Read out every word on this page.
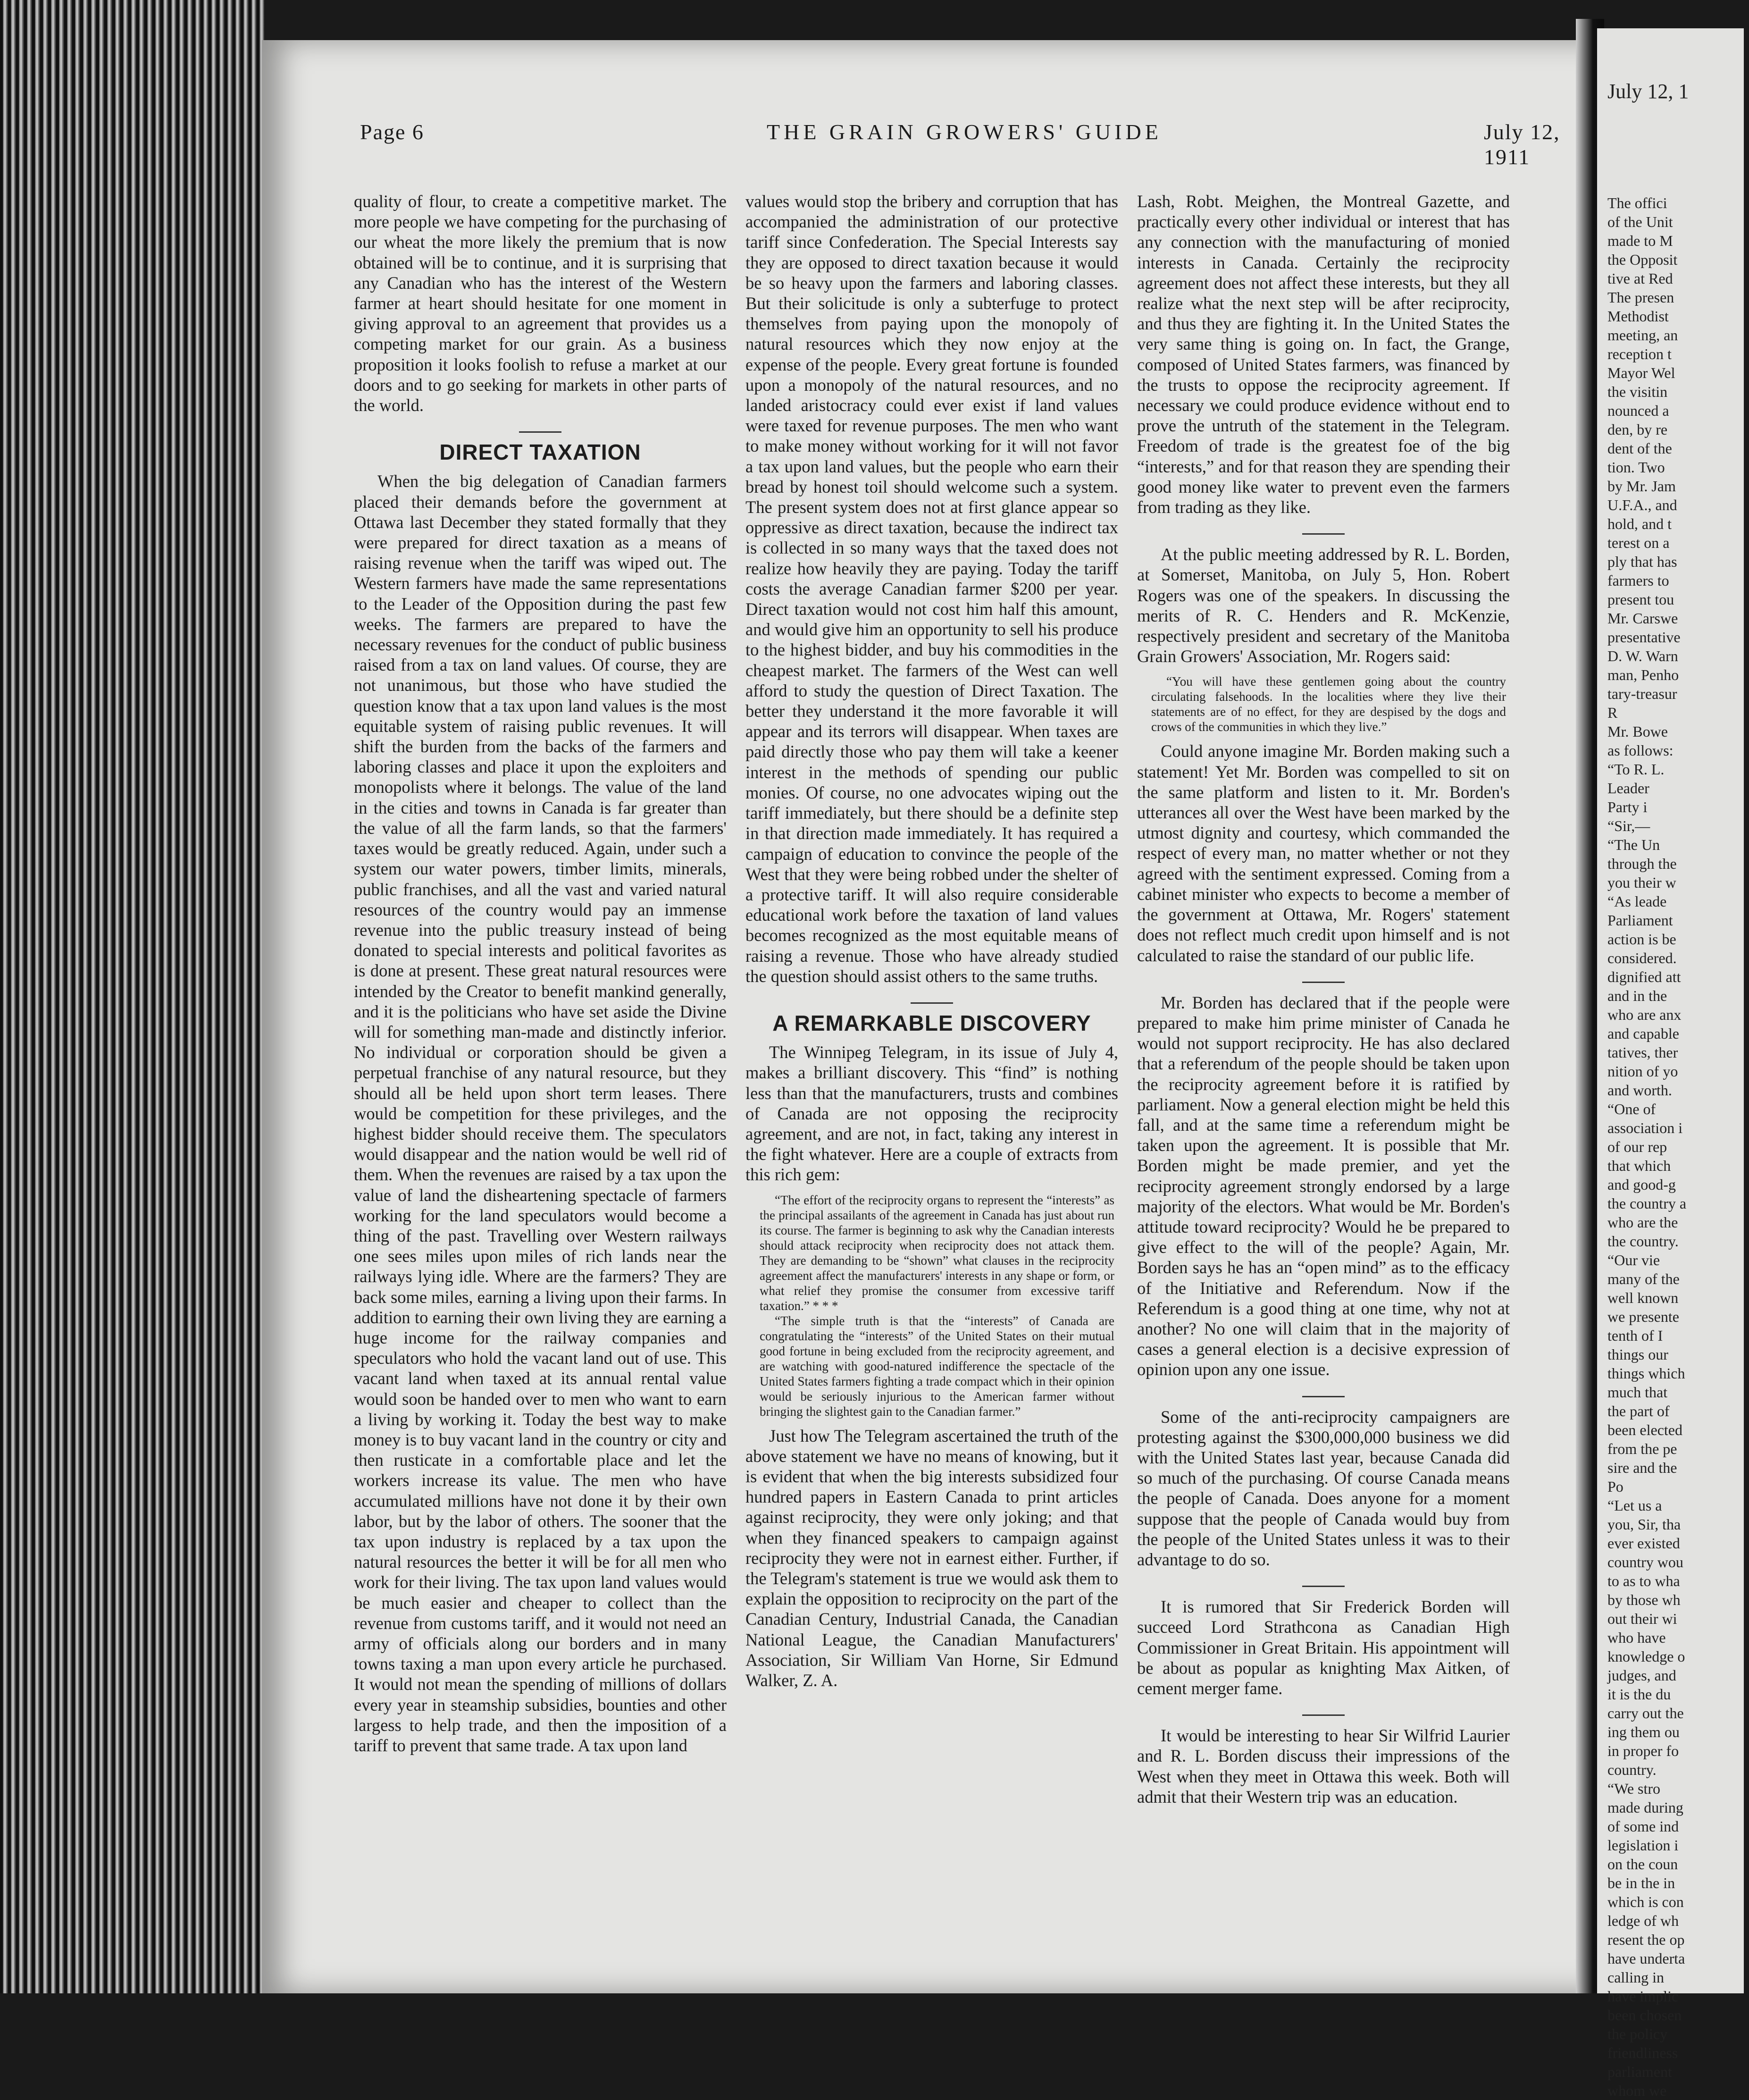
Page 6	THE GRAIN GROWERS' GUIDE	July 12, 1911

quality of flour, to create a competitive market. The more people we have competing for the purchasing of our wheat the more likely the premium that is now obtained will be to continue, and it is surprising that any Canadian who has the interest of the Western farmer at heart should hesitate for one moment in giving approval to an agreement that provides us a competing market for our grain. As a business proposition it looks foolish to refuse a market at our doors and to go seeking for markets in other parts of the world.

DIRECT TAXATION

When the big delegation of Canadian farmers placed their demands before the government at Ottawa last December they stated formally that they were prepared for direct taxation as a means of raising revenue when the tariff was wiped out. The Western farmers have made the same representations to the Leader of the Opposition during the past few weeks. The farmers are prepared to have the necessary revenues for the conduct of public business raised from a tax on land values. Of course, they are not unanimous, but those who have studied the question know that a tax upon land values is the most equitable system of raising public revenues. It will shift the burden from the backs of the farmers and laboring classes and place it upon the exploiters and monopolists where it belongs. The value of the land in the cities and towns in Canada is far greater than the value of all the farm lands, so that the farmers' taxes would be greatly reduced. Again, under such a system our water powers, timber limits, minerals, public franchises, and all the vast and varied natural resources of the country would pay an immense revenue into the public treasury instead of being donated to special interests and political favorites as is done at present. These great natural resources were intended by the Creator to benefit mankind generally, and it is the politicians who have set aside the Divine will for something man-made and distinctly inferior. No individual or corporation should be given a perpetual franchise of any natural resource, but they should all be held upon short term leases. There would be competition for these privileges, and the highest bidder should receive them. The speculators would disappear and the nation would be well rid of them. When the revenues are raised by a tax upon the value of land the disheartening spectacle of farmers working for the land speculators would become a thing of the past. Travelling over Western railways one sees miles upon miles of rich lands near the railways lying idle. Where are the farmers? They are back some miles, earning a living upon their farms. In addition to earning their own living they are earning a huge income for the railway companies and speculators who hold the vacant land out of use. This vacant land when taxed at its annual rental value would soon be handed over to men who want to earn a living by working it. Today the best way to make money is to buy vacant land in the country or city and then rusticate in a comfortable place and let the workers increase its value. The men who have accumulated millions have not done it by their own labor, but by the labor of others. The sooner that the tax upon industry is replaced by a tax upon the natural resources the better it will be for all men who work for their living. The tax upon land values would be much easier and cheaper to collect than the revenue from customs tariff, and it would not need an army of officials along our borders and in many towns taxing a man upon every article he purchased. It would not mean the spending of millions of dollars every year in steamship subsidies, bounties and other largess to help trade, and then the imposition of a tariff to prevent that same trade. A tax upon land

values would stop the bribery and corruption that has accompanied the administration of our protective tariff since Confederation. The Special Interests say they are opposed to direct taxation because it would be so heavy upon the farmers and laboring classes. But their solicitude is only a subterfuge to protect themselves from paying upon the monopoly of natural resources which they now enjoy at the expense of the people. Every great fortune is founded upon a monopoly of the natural resources, and no landed aristocracy could ever exist if land values were taxed for revenue purposes. The men who want to make money without working for it will not favor a tax upon land values, but the people who earn their bread by honest toil should welcome such a system. The present system does not at first glance appear so oppressive as direct taxation, because the indirect tax is collected in so many ways that the taxed does not realize how heavily they are paying. Today the tariff costs the average Canadian farmer $200 per year. Direct taxation would not cost him half this amount, and would give him an opportunity to sell his produce to the highest bidder, and buy his commodities in the cheapest market. The farmers of the West can well afford to study the question of Direct Taxation. The better they understand it the more favorable it will appear and its terrors will disappear. When taxes are paid directly those who pay them will take a keener interest in the methods of spending our public monies. Of course, no one advocates wiping out the tariff immediately, but there should be a definite step in that direction made immediately. It has required a campaign of education to convince the people of the West that they were being robbed under the shelter of a protective tariff. It will also require considerable educational work before the taxation of land values becomes recognized as the most equitable means of raising a revenue. Those who have already studied the question should assist others to the same truths.

A REMARKABLE DISCOVERY

The Winnipeg Telegram, in its issue of July 4, makes a brilliant discovery. This “find” is nothing less than that the manufacturers, trusts and combines of Canada are not opposing the reciprocity agreement, and are not, in fact, taking any interest in the fight whatever. Here are a couple of extracts from this rich gem:

“The effort of the reciprocity organs to represent the “interests” as the principal assailants of the agreement in Canada has just about run its course. The farmer is beginning to ask why the Canadian interests should attack reciprocity when reciprocity does not attack them. They are demanding to be “shown” what clauses in the reciprocity agreement affect the manufacturers' interests in any shape or form, or what relief they promise the consumer from excessive tariff taxation.” * * *

“The simple truth is that the “interests” of Canada are congratulating the “interests” of the United States on their mutual good fortune in being excluded from the reciprocity agreement, and are watching with good-natured indifference the spectacle of the United States farmers fighting a trade compact which in their opinion would be seriously injurious to the American farmer without bringing the slightest gain to the Canadian farmer.”

Just how The Telegram ascertained the truth of the above statement we have no means of knowing, but it is evident that when the big interests subsidized four hundred papers in Eastern Canada to print articles against reciprocity, they were only joking; and that when they financed speakers to campaign against reciprocity they were not in earnest either. Further, if the Telegram's statement is true we would ask them to explain the opposition to reciprocity on the part of the Canadian Century, Industrial Canada, the Canadian National League, the Canadian Manufacturers' Association, Sir William Van Horne, Sir Edmund Walker, Z. A.

Lash, Robt. Meighen, the Montreal Gazette, and practically every other individual or interest that has any connection with the manufacturing of monied interests in Canada. Certainly the reciprocity agreement does not affect these interests, but they all realize what the next step will be after reciprocity, and thus they are fighting it. In the United States the very same thing is going on. In fact, the Grange, composed of United States farmers, was financed by the trusts to oppose the reciprocity agreement. If necessary we could produce evidence without end to prove the untruth of the statement in the Telegram. Freedom of trade is the greatest foe of the big “interests,” and for that reason they are spending their good money like water to prevent even the farmers from trading as they like.

At the public meeting addressed by R. L. Borden, at Somerset, Manitoba, on July 5, Hon. Robert Rogers was one of the speakers. In discussing the merits of R. C. Henders and R. McKenzie, respectively president and secretary of the Manitoba Grain Growers' Association, Mr. Rogers said:

“You will have these gentlemen going about the country circulating falsehoods. In the localities where they live their statements are of no effect, for they are despised by the dogs and crows of the communities in which they live.”

Could anyone imagine Mr. Borden making such a statement! Yet Mr. Borden was compelled to sit on the same platform and listen to it. Mr. Borden's utterances all over the West have been marked by the utmost dignity and courtesy, which commanded the respect of every man, no matter whether or not they agreed with the sentiment expressed. Coming from a cabinet minister who expects to become a member of the government at Ottawa, Mr. Rogers' statement does not reflect much credit upon himself and is not calculated to raise the standard of our public life.

Mr. Borden has declared that if the people were prepared to make him prime minister of Canada he would not support reciprocity. He has also declared that a referendum of the people should be taken upon the reciprocity agreement before it is ratified by parliament. Now a general election might be held this fall, and at the same time a referendum might be taken upon the agreement. It is possible that Mr. Borden might be made premier, and yet the reciprocity agreement strongly endorsed by a large majority of the electors. What would be Mr. Borden's attitude toward reciprocity? Would he be prepared to give effect to the will of the people? Again, Mr. Borden says he has an “open mind” as to the efficacy of the Initiative and Referendum. Now if the Referendum is a good thing at one time, why not at another? No one will claim that in the majority of cases a general election is a decisive expression of opinion upon any one issue.

Some of the anti-reciprocity campaigners are protesting against the $300,000,000 business we did with the United States last year, because Canada did so much of the purchasing. Of course Canada means the people of Canada. Does anyone for a moment suppose that the people of Canada would buy from the people of the United States unless it was to their advantage to do so.

It is rumored that Sir Frederick Borden will succeed Lord Strathcona as Canadian High Commissioner in Great Britain. His appointment will be about as popular as knighting Max Aitken, of cement merger fame.

It would be interesting to hear Sir Wilfrid Laurier and R. L. Borden discuss their impressions of the West when they meet in Ottawa this week. Both will admit that their Western trip was an education.

July 12, 1
The offici
of the Unit
made to M
the Opposit
tive at Red
The presen
Methodist
meeting, an
reception t
Mayor Wel
the visitin
nounced a
den, by re
dent of the
tion. Two
by Mr. Jam
U.F.A., and
hold, and t
terest on a
ply that has
farmers to
present tou
Mr. Carswe
presentative
D. W. Warn
man, Penho
tary-treasur
R
Mr. Bowe
as follows:
“To R. L.
Leader
Party i
“Sir,—
“The Un
through the
you their w
“As leade
Parliament
action is be
considered.
dignified att
and in the
who are anx
and capable
tatives, ther
nition of yo
and worth.
“One of
association i
of our rep
that which
and good-g
the country a
who are the
the country.
“Our vie
many of the
well known
we presente
tenth of I
things our
things which
much that
the part of
been elected
from the pe
sire and the
Po
“Let us a
you, Sir, tha
ever existed
country wou
to as to wha
by those wh
out their wi
who have
knowledge o
judges, and
it is the du
carry out the
ing them ou
in proper fo
country.
“We stro
made during
of some ind
legislation i
on the coun
be in the in
which is con
ledge of wh
resent the op
have underta
calling in
have implic
been chosen
the policy
friendliness
parliament
whom we
